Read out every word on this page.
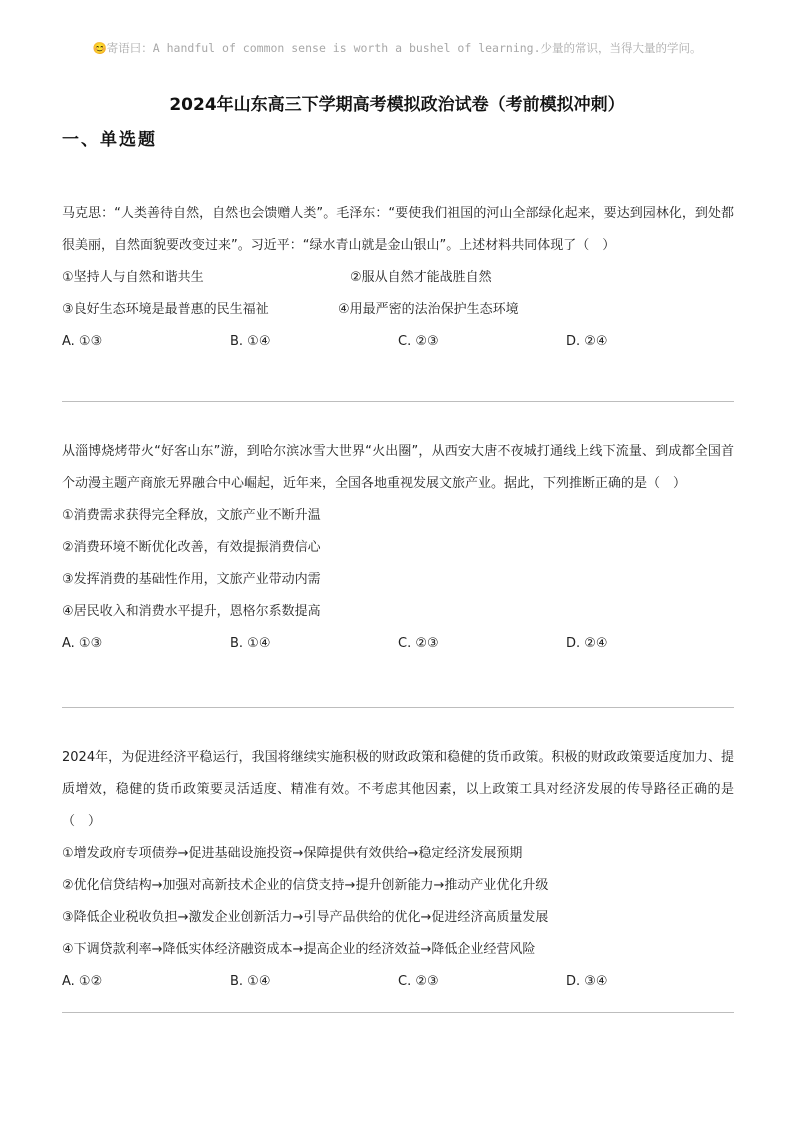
😊寄语曰：A handful of common sense is worth a bushel of learning.少量的常识，当得大量的学问。
2024年山东高三下学期高考模拟政治试卷（考前模拟冲刺）
一、单选题

马克思：“人类善待自然，自然也会馈赠人类”。毛泽东：“要使我们祖国的河山全部绿化起来，要达到园林化，到处都很美丽，自然面貌要改变过来”。习近平：“绿水青山就是金山银山”。上述材料共同体现了（　）

①坚持人与自然和谐共生	②服从自然才能战胜自然
③良好生态环境是最普惠的民生福祉	④用最严密的法治保护生态环境
A. ①③	B. ①④	C. ②③	D. ②④

从淄博烧烤带火“好客山东”游，到哈尔滨冰雪大世界“火出圈”，从西安大唐不夜城打通线上线下流量、到成都全国首个动漫主题产商旅无界融合中心崛起，近年来，全国各地重视发展文旅产业。据此，下列推断正确的是（　）

①消费需求获得完全释放，文旅产业不断升温
②消费环境不断优化改善，有效提振消费信心
③发挥消费的基础性作用，文旅产业带动内需
④居民收入和消费水平提升，恩格尔系数提高
A. ①③	B. ①④	C. ②③	D. ②④

2024年，为促进经济平稳运行，我国将继续实施积极的财政政策和稳健的货币政策。积极的财政政策要适度加力、提质增效，稳健的货币政策要灵活适度、精准有效。不考虑其他因素，以上政策工具对经济发展的传导路径正确的是（　）

①增发政府专项债券→促进基础设施投资→保障提供有效供给→稳定经济发展预期
②优化信贷结构→加强对高新技术企业的信贷支持→提升创新能力→推动产业优化升级
③降低企业税收负担→激发企业创新活力→引导产品供给的优化→促进经济高质量发展
④下调贷款利率→降低实体经济融资成本→提高企业的经济效益→降低企业经营风险
A. ①②	B. ①④	C. ②③	D. ③④
